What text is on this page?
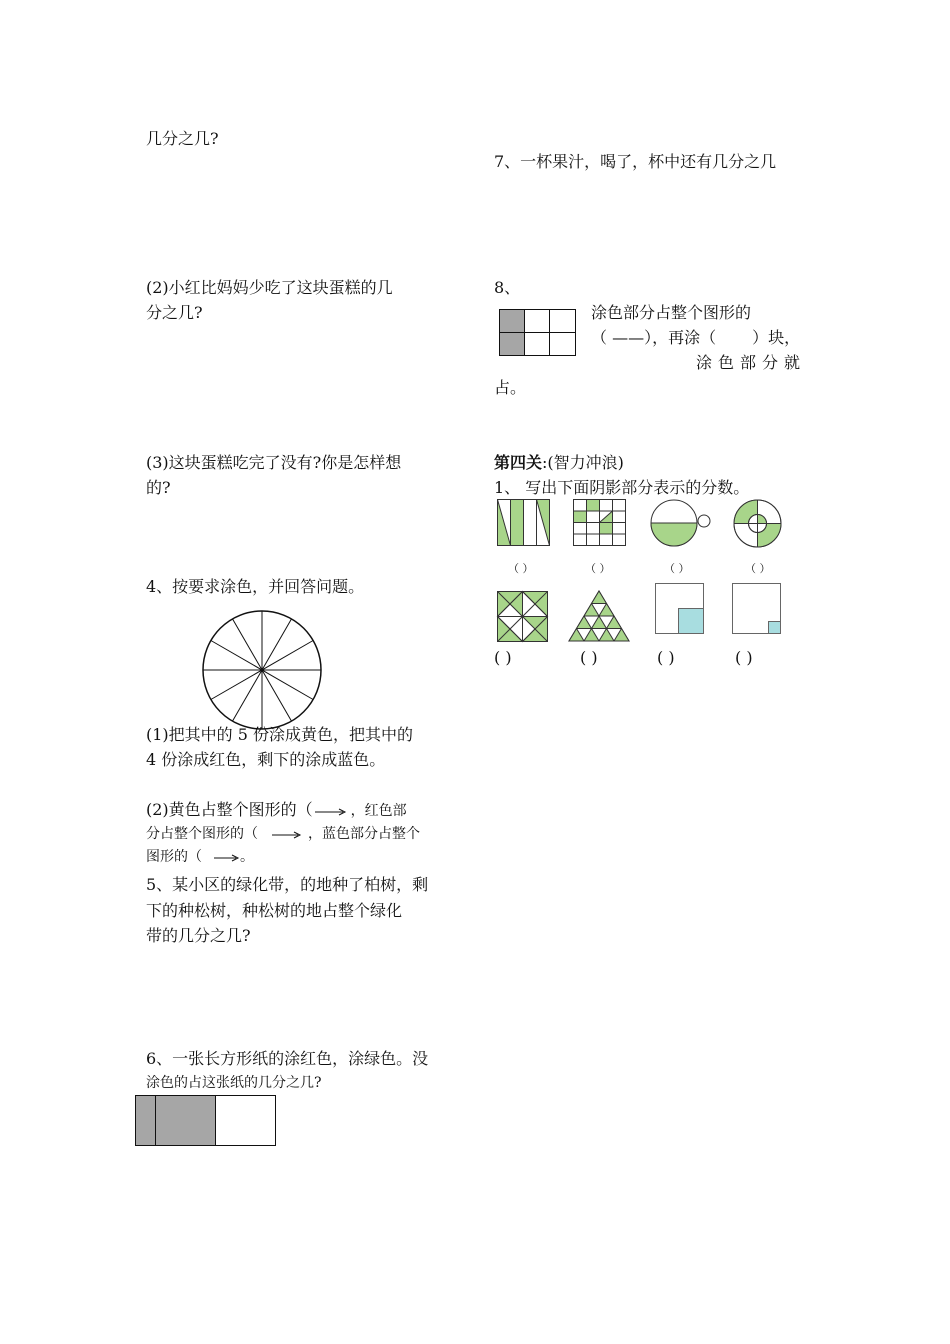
几分之几?
(2)小红比妈妈少吃了这块蛋糕的几
分之几?
(3)这块蛋糕吃完了没有?你是怎样想
的?
4、按要求涂色，并回答问题。
(1)把其中的 5 份涂成黄色，把其中的
4 份涂成红色，剩下的涂成蓝色。
(2)黄色占整个图形的（	，红色部
分占整个图形的（	，蓝色部分占整个
图形的（	。
5、某小区的绿化带，的地种了柏树，剩
下的种松树，种松树的地占整个绿化
带的几分之几?
6、一张长方形纸的涂红色，涂绿色。没
涂色的占这张纸的几分之几?
7、一杯果汁，喝了，杯中还有几分之几
8、
涂色部分占整个图形的
（ ——），再涂（ ）块，
涂色部分就
占。
第四关:(智力冲浪)
1、 写出下面阴影部分表示的分数。
（ ）	（ ）	（ ）	（ ）
( )	( )	( )	( )
